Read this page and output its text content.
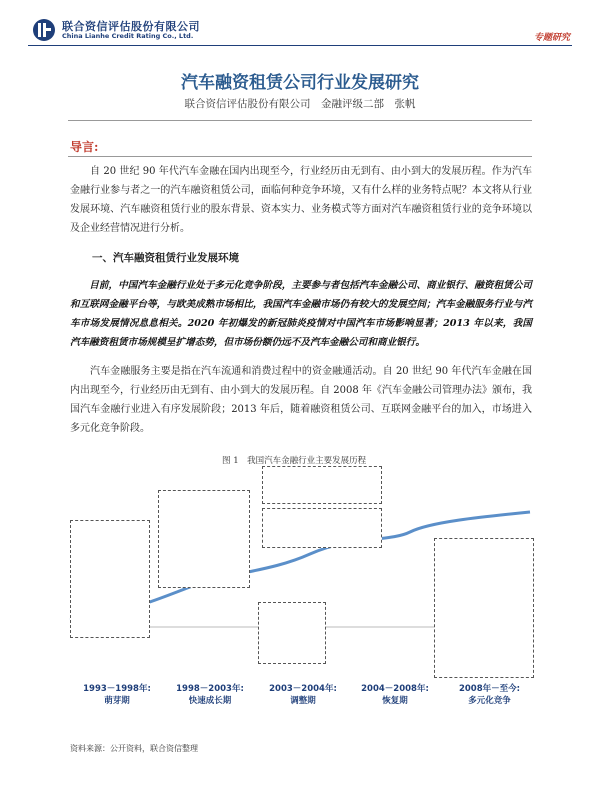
联合资信评估股份有限公司
China Lianhe Credit Rating Co., Ltd.	专题研究
汽车融资租赁公司行业发展研究
联合资信评估股份有限公司　金融评级二部　张帆
导言:
自 20 世纪 90 年代汽车金融在国内出现至今，行业经历由无到有、由小到大的发展历程。作为汽车金融行业参与者之一的汽车融资租赁公司，面临何种竞争环境，又有什么样的业务特点呢？本文将从行业发展环境、汽车融资租赁行业的股东背景、资本实力、业务模式等方面对汽车融资租赁行业的竞争环境以及企业经营情况进行分析。
一、汽车融资租赁行业发展环境
目前，中国汽车金融行业处于多元化竞争阶段，主要参与者包括汽车金融公司、商业银行、融资租赁公司和互联网金融平台等，与欧美成熟市场相比，我国汽车金融市场仍有较大的发展空间；汽车金融服务行业与汽车市场发展情况息息相关。2020 年初爆发的新冠肺炎疫情对中国汽车市场影响显著；2013 年以来，我国汽车融资租赁市场规模呈扩增态势，但市场份额仍远不及汽车金融公司和商业银行。
汽车金融服务主要是指在汽车流通和消费过程中的资金融通活动。自 20 世纪 90 年代汽车金融在国内出现至今，行业经历由无到有、由小到大的发展历程。自 2008 年《汽车金融公司管理办法》颁布，我国汽车金融行业进入有序发展阶段；2013 年后，随着融资租赁公司、互联网金融平台的加入，市场进入多元化竞争阶段。
图 1　我国汽车金融行业主要发展历程
1993－1998年:
萌芽期
1998－2003年:
快速成长期
2003－2004年:
调整期
2004－2008年:
恢复期
2008年－至今:
多元化竞争
资料来源：公开资料，联合资信整理
